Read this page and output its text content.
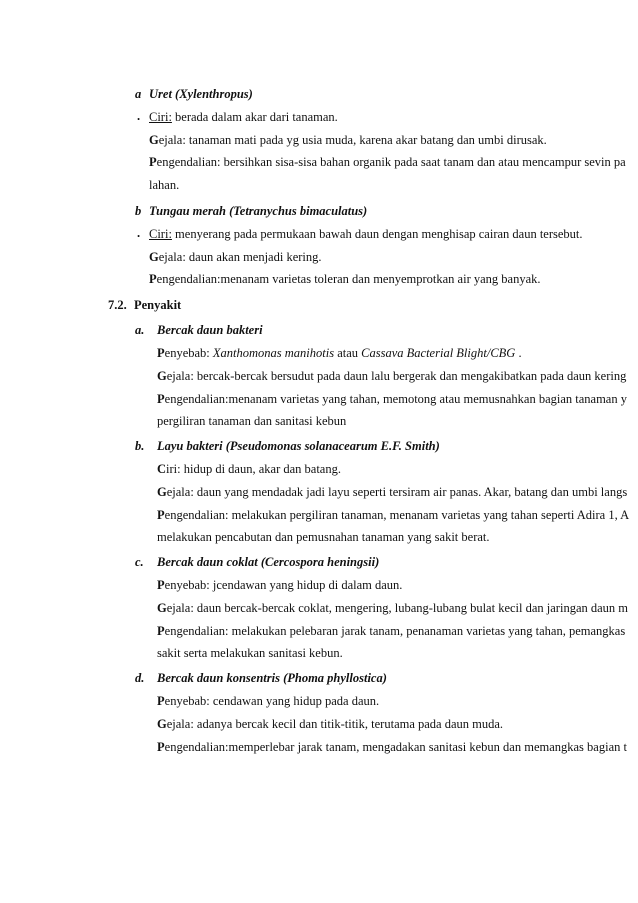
a Uret (Xylenthropus)
. Ciri: berada dalam akar dari tanaman.
Gejala: tanaman mati pada yg usia muda, karena akar batang dan umbi dirusak.
Pengendalian: bersihkan sisa-sisa bahan organik pada saat tanam dan atau mencampur sevin pa
lahan.
b Tungau merah (Tetranychus bimaculatus)
. Ciri: menyerang pada permukaan bawah daun dengan menghisap cairan daun tersebut.
Gejala: daun akan menjadi kering.
Pengendalian:menanam varietas toleran dan menyemprotkan air yang banyak.
7.2. Penyakit
a. Bercak daun bakteri
Penyebab: Xanthomonas manihotis atau Cassava Bacterial Blight/CBG .
Gejala: bercak-bercak bersudut pada daun lalu bergerak dan mengakibatkan pada daun kering
Pengendalian:menanam varietas yang tahan, memotong atau memusnahkan bagian tanaman y
pergiliran tanaman dan sanitasi kebun
b. Layu bakteri (Pseudomonas solanacearum E.F. Smith)
Ciri: hidup di daun, akar dan batang.
Gejala: daun yang mendadak jadi layu seperti tersiram air panas. Akar, batang dan umbi langs
Pengendalian: melakukan pergiliran tanaman, menanam varietas yang tahan seperti Adira 1, A
melakukan pencabutan dan pemusnahan tanaman yang sakit berat.
c. Bercak daun coklat (Cercospora heningsii)
Penyebab: jcendawan yang hidup di dalam daun.
Gejala: daun bercak-bercak coklat, mengering, lubang-lubang bulat kecil dan jaringan daun m
Pengendalian: melakukan pelebaran jarak tanam, penanaman varietas yang tahan, pemangkas
sakit serta melakukan sanitasi kebun.
d. Bercak daun konsentris (Phoma phyllostica)
Penyebab: cendawan yang hidup pada daun.
Gejala: adanya bercak kecil dan titik-titik, terutama pada daun muda.
Pengendalian:memperlebar jarak tanam, mengadakan sanitasi kebun dan memangkas bagian t
